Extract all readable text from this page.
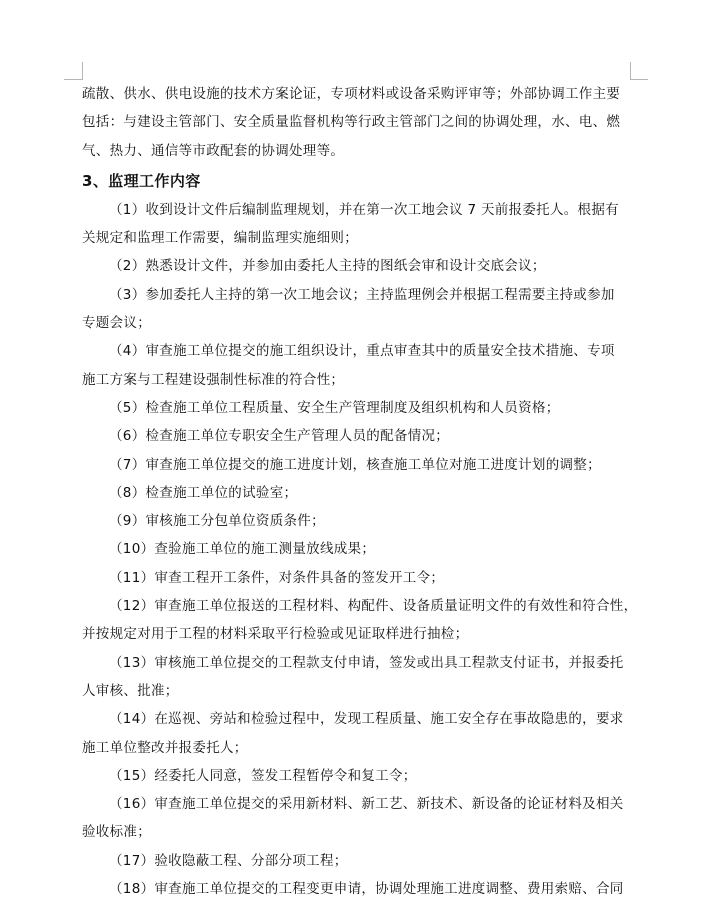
疏散、供水、供电设施的技术方案论证，专项材料或设备采购评审等；外部协调工作主要
包括：与建设主管部门、安全质量监督机构等行政主管部门之间的协调处理，水、电、燃
气、热力、通信等市政配套的协调处理等。

3、监理工作内容

（1）收到设计文件后编制监理规划，并在第一次工地会议 7 天前报委托人。根据有
关规定和监理工作需要，编制监理实施细则；

（2）熟悉设计文件，并参加由委托人主持的图纸会审和设计交底会议；

（3）参加委托人主持的第一次工地会议；主持监理例会并根据工程需要主持或参加
专题会议；

（4）审查施工单位提交的施工组织设计，重点审查其中的质量安全技术措施、专项
施工方案与工程建设强制性标准的符合性；

（5）检查施工单位工程质量、安全生产管理制度及组织机构和人员资格；

（6）检查施工单位专职安全生产管理人员的配备情况；

（7）审查施工单位提交的施工进度计划，核查施工单位对施工进度计划的调整；

（8）检查施工单位的试验室；

（9）审核施工分包单位资质条件；

（10）查验施工单位的施工测量放线成果；

（11）审查工程开工条件，对条件具备的签发开工令；

（12）审查施工单位报送的工程材料、构配件、设备质量证明文件的有效性和符合性，
并按规定对用于工程的材料采取平行检验或见证取样进行抽检；

（13）审核施工单位提交的工程款支付申请，签发或出具工程款支付证书，并报委托
人审核、批准；

（14）在巡视、旁站和检验过程中，发现工程质量、施工安全存在事故隐患的，要求
施工单位整改并报委托人；

（15）经委托人同意，签发工程暂停令和复工令；

（16）审查施工单位提交的采用新材料、新工艺、新技术、新设备的论证材料及相关
验收标准；

（17）验收隐蔽工程、分部分项工程；

（18）审查施工单位提交的工程变更申请，协调处理施工进度调整、费用索赔、合同
